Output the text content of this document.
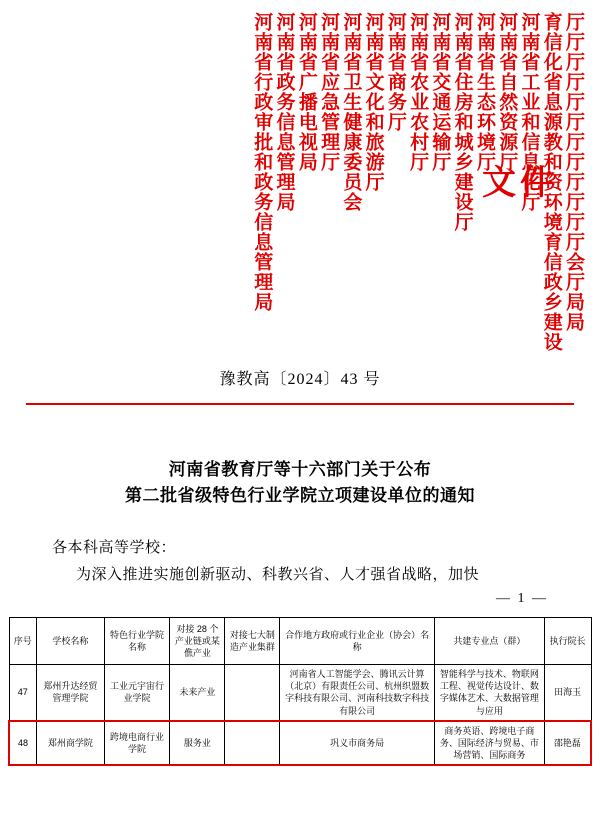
厅厅厅厅厅厅厅厅厅厅厅厅会厅局局
育信化省息源教和资环境育信政乡建设
河南省工业和信息化厅
河南省自然资源厅
河南省生态环境厅
河南省住房和城乡建设厅
河南省交通运输厅
河南省农业农村厅
河南省商务厅
河南省文化和旅游厅
河南省卫生健康委员会
河南省应急管理厅
河南省广播电视局
河南省政务信息管理局
河南省行政审批和政务信息管理局	文件
豫教高〔2024〕43 号
河南省教育厅等十六部门关于公布
第二批省级特色行业学院立项建设单位的通知
各本科高等学校：
为深入推进实施创新驱动、科教兴省、人才强省战略，加快
— 1 —
序号	学校名称	特色行业学院名称	对接 28 个产业链或某僬产业	对接七大制造产业集群	合作地方政府或行业企业（协会）名称	共建专业点（群）	执行院长
47	郑州升达经贸管理学院	工业元宇宙行业学院	未来产业		河南省人工智能学会、腾讯云计算（北京）有限责任公司、杭州织盟数字科技有限公司、河南科技数字科技有限公司	智能科学与技术、物联网工程、视觉传达设计、数字媒体艺术、大数据管理与应用	田海玉
48	郑州商学院	跨境电商行业学院	服务业		巩义市商务局	商务英语、跨境电子商务、国际经济与贸易、市场营销、国际商务	邵艳磊
